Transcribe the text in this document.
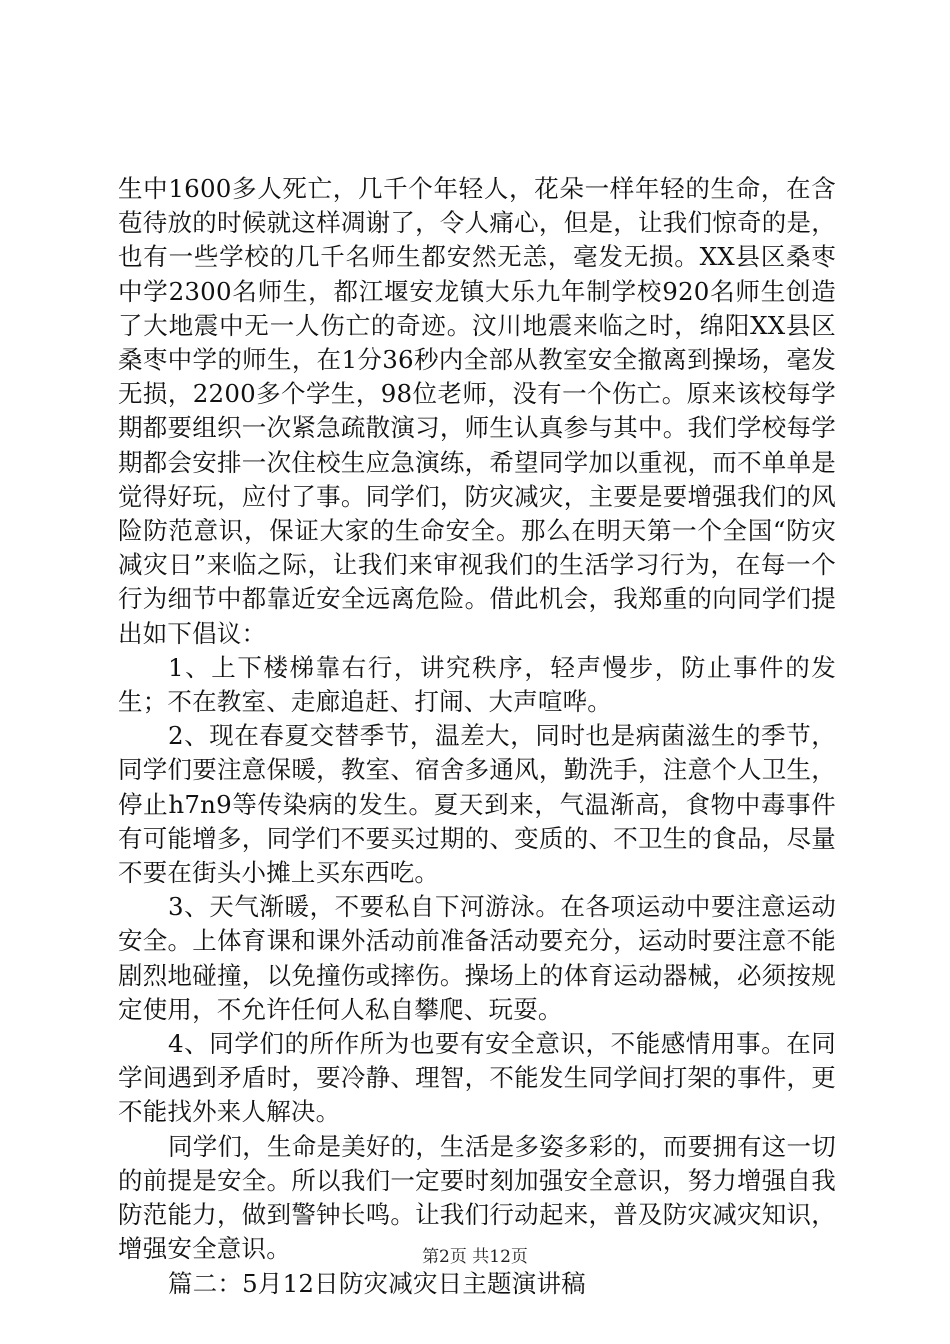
生中1600多人死亡，几千个年轻人，花朵一样年轻的生命，在含苞待放的时候就这样凋谢了，令人痛心，但是，让我们惊奇的是，也有一些学校的几千名师生都安然无恙，毫发无损。XX县区桑枣中学2300名师生，都江堰安龙镇大乐九年制学校920名师生创造了大地震中无一人伤亡的奇迹。汶川地震来临之时，绵阳XX县区桑枣中学的师生，在1分36秒内全部从教室安全撤离到操场，毫发无损，2200多个学生，98位老师，没有一个伤亡。原来该校每学期都要组织一次紧急疏散演习，师生认真参与其中。我们学校每学期都会安排一次住校生应急演练，希望同学加以重视，而不单单是觉得好玩，应付了事。同学们，防灾减灾，主要是要增强我们的风险防范意识，保证大家的生命安全。那么在明天第一个全国“防灾减灾日”来临之际，让我们来审视我们的生活学习行为，在每一个行为细节中都靠近安全远离危险。借此机会，我郑重的向同学们提出如下倡议：

1、上下楼梯靠右行，讲究秩序，轻声慢步，防止事件的发生；不在教室、走廊追赶、打闹、大声喧哗。

2、现在春夏交替季节，温差大，同时也是病菌滋生的季节，同学们要注意保暖，教室、宿舍多通风，勤洗手，注意个人卫生，停止h7n9等传染病的发生。夏天到来，气温渐高，食物中毒事件有可能增多，同学们不要买过期的、变质的、不卫生的食品，尽量不要在街头小摊上买东西吃。

3、天气渐暖，不要私自下河游泳。在各项运动中要注意运动安全。上体育课和课外活动前准备活动要充分，运动时要注意不能剧烈地碰撞，以免撞伤或摔伤。操场上的体育运动器械，必须按规定使用，不允许任何人私自攀爬、玩耍。

4、同学们的所作所为也要有安全意识，不能感情用事。在同学间遇到矛盾时，要冷静、理智，不能发生同学间打架的事件，更不能找外来人解决。

同学们，生命是美好的，生活是多姿多彩的，而要拥有这一切的前提是安全。所以我们一定要时刻加强安全意识，努力增强自我防范能力，做到警钟长鸣。让我们行动起来，普及防灾减灾知识，增强安全意识。

篇二：5月12日防灾减灾日主题演讲稿

第2页 共12页
